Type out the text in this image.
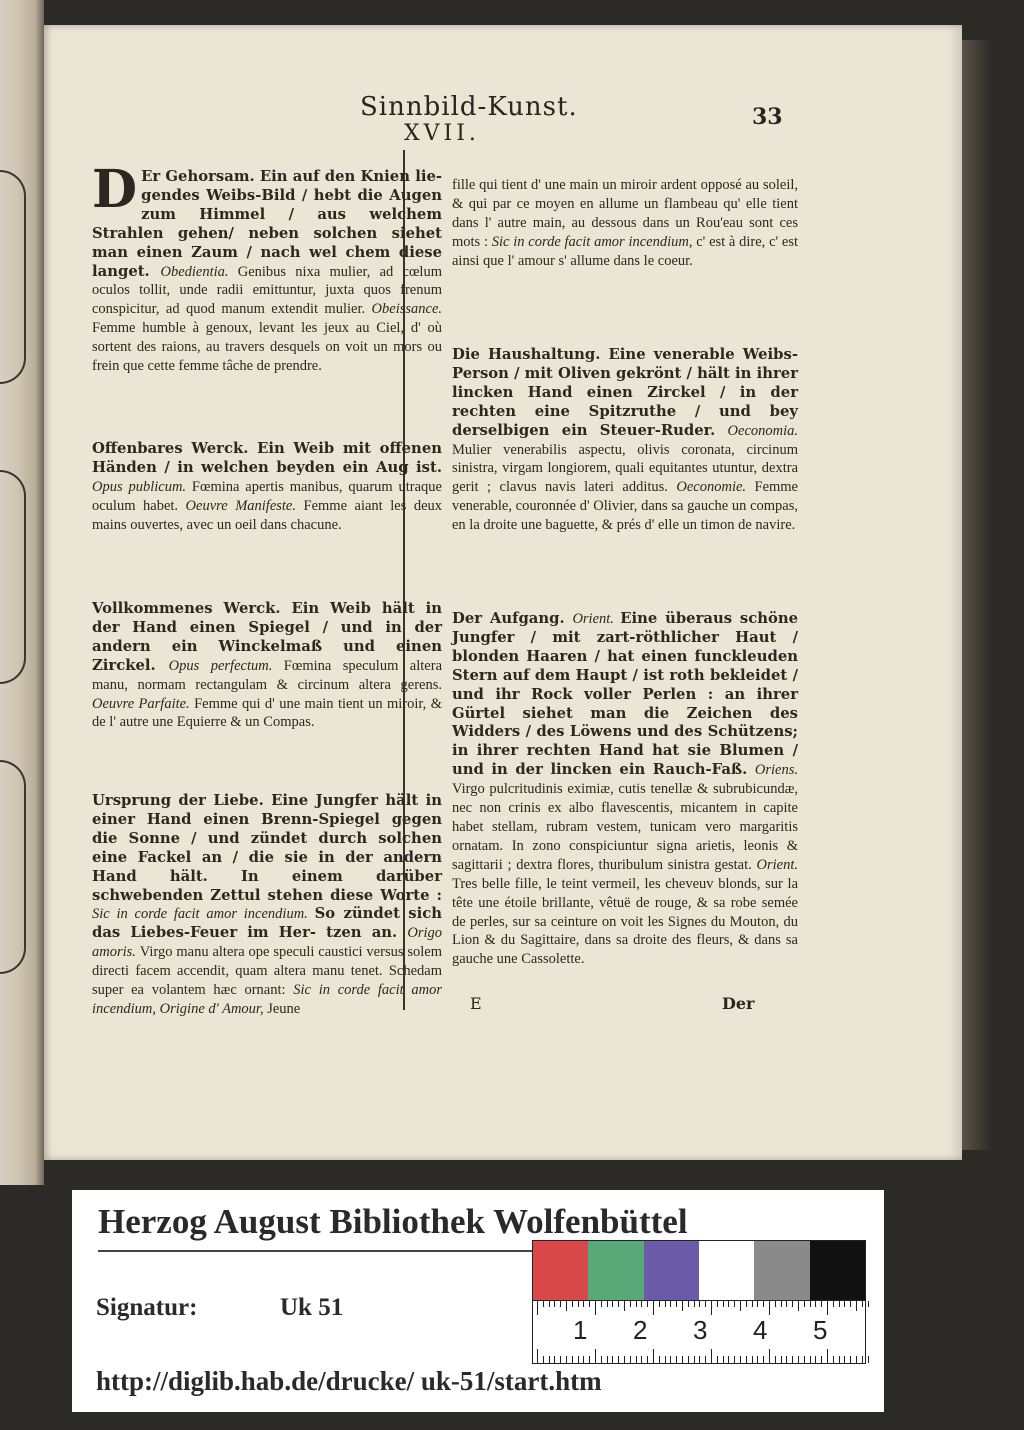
Sinnbild-Kunst.
XVII.
33

D Er Gehorsam. Ein auf den Knien lie- gendes Weibs-Bild / hebt die Augen zum Himmel / aus welchem Strahlen gehen/ neben solchen siehet man einen Zaum / nach wel chem diese langet. Obedientia. Genibus nixa mulier, ad cœlum oculos tollit, unde radii emittuntur, juxta quos frenum conspicitur, ad quod manum extendit mulier. Obeissance. Femme humble à genoux, levant les jeux au Ciel, d' où sortent des raions, au travers desquels on voit un mors ou frein que cette femme tâche de prendre.

Offenbares Werck. Ein Weib mit offenen Händen / in welchen beyden ein Aug ist. Opus publicum. Fœmina apertis manibus, quarum utraque oculum habet. Oeuvre Manifeste. Femme aiant les deux mains ouvertes, avec un oeil dans chacune.

Vollkommenes Werck. Ein Weib hält in der Hand einen Spiegel / und in der andern ein Winckelmaß und einen Zirckel. Opus perfectum. Fœmina speculum altera manu, normam rectangulam & circinum altera gerens. Oeuvre Parfaite. Femme qui d' une main tient un miroir, & de l' autre une Equierre & un Compas.

Ursprung der Liebe. Eine Jungfer hält in einer Hand einen Brenn-Spiegel gegen die Sonne / und zündet durch solchen eine Fackel an / die sie in der andern Hand hält. In einem darüber schwebenden Zettul stehen diese Worte : Sic in corde facit amor incendium. So zündet sich das Liebes-Feuer im Her- tzen an. Origo amoris. Virgo manu altera ope speculi caustici versus solem directi facem accendit, quam altera manu tenet. Schedam super ea volantem hæc ornant: Sic in corde facit amor incendium, Origine d' Amour, Jeune

fille qui tient d' une main un miroir ardent opposé au soleil, & qui par ce moyen en allume un flambeau qu' elle tient dans l' autre main, au dessous dans un Rou'eau sont ces mots : Sic in corde facit amor incendium, c' est à dire, c' est ainsi que l' amour s' allume dans le coeur.

Die Haushaltung. Eine venerable Weibs-Person / mit Oliven gekrönt / hält in ihrer lincken Hand einen Zirckel / in der rechten eine Spitzruthe / und bey derselbigen ein Steuer-Ruder. Oeconomia. Mulier venerabilis aspectu, olivis coronata, circinum sinistra, virgam longiorem, quali equitantes utuntur, dextra gerit ; clavus navis lateri additus. Oeconomie. Femme venerable, couronnée d' Olivier, dans sa gauche un compas, en la droite une baguette, & prés d' elle un timon de navire.

Der Aufgang. Orient. Eine überaus schöne Jungfer / mit zart-röthlicher Haut / blonden Haaren / hat einen funckleuden Stern auf dem Haupt / ist roth bekleidet / und ihr Rock voller Perlen : an ihrer Gürtel siehet man die Zeichen des Widders / des Löwens und des Schützens; in ihrer rechten Hand hat sie Blumen / und in der lincken ein Rauch-Faß. Oriens. Virgo pulcritudinis eximiæ, cutis tenellæ & subrubicundæ, nec non crinis ex albo flavescentis, micantem in capite habet stellam, rubram vestem, tunicam vero margaritis ornatam. In zono conspiciuntur signa arietis, leonis & sagittarii ; dextra flores, thuribulum sinistra gestat. Orient. Tres belle fille, le teint vermeil, les cheveuv blonds, sur la tête une étoile brillante, vêtuë de rouge, & sa robe semée de perles, sur sa ceinture on voit les Signes du Mouton, du Lion & du Sagittaire, dans sa droite des fleurs, & dans sa gauche une Cassolette.

E	Der
Herzog August Bibliothek Wolfenbüttel
Signatur:	Uk 51
http://diglib.hab.de/drucke/ uk-51/start.htm
1 2 3 4 5
